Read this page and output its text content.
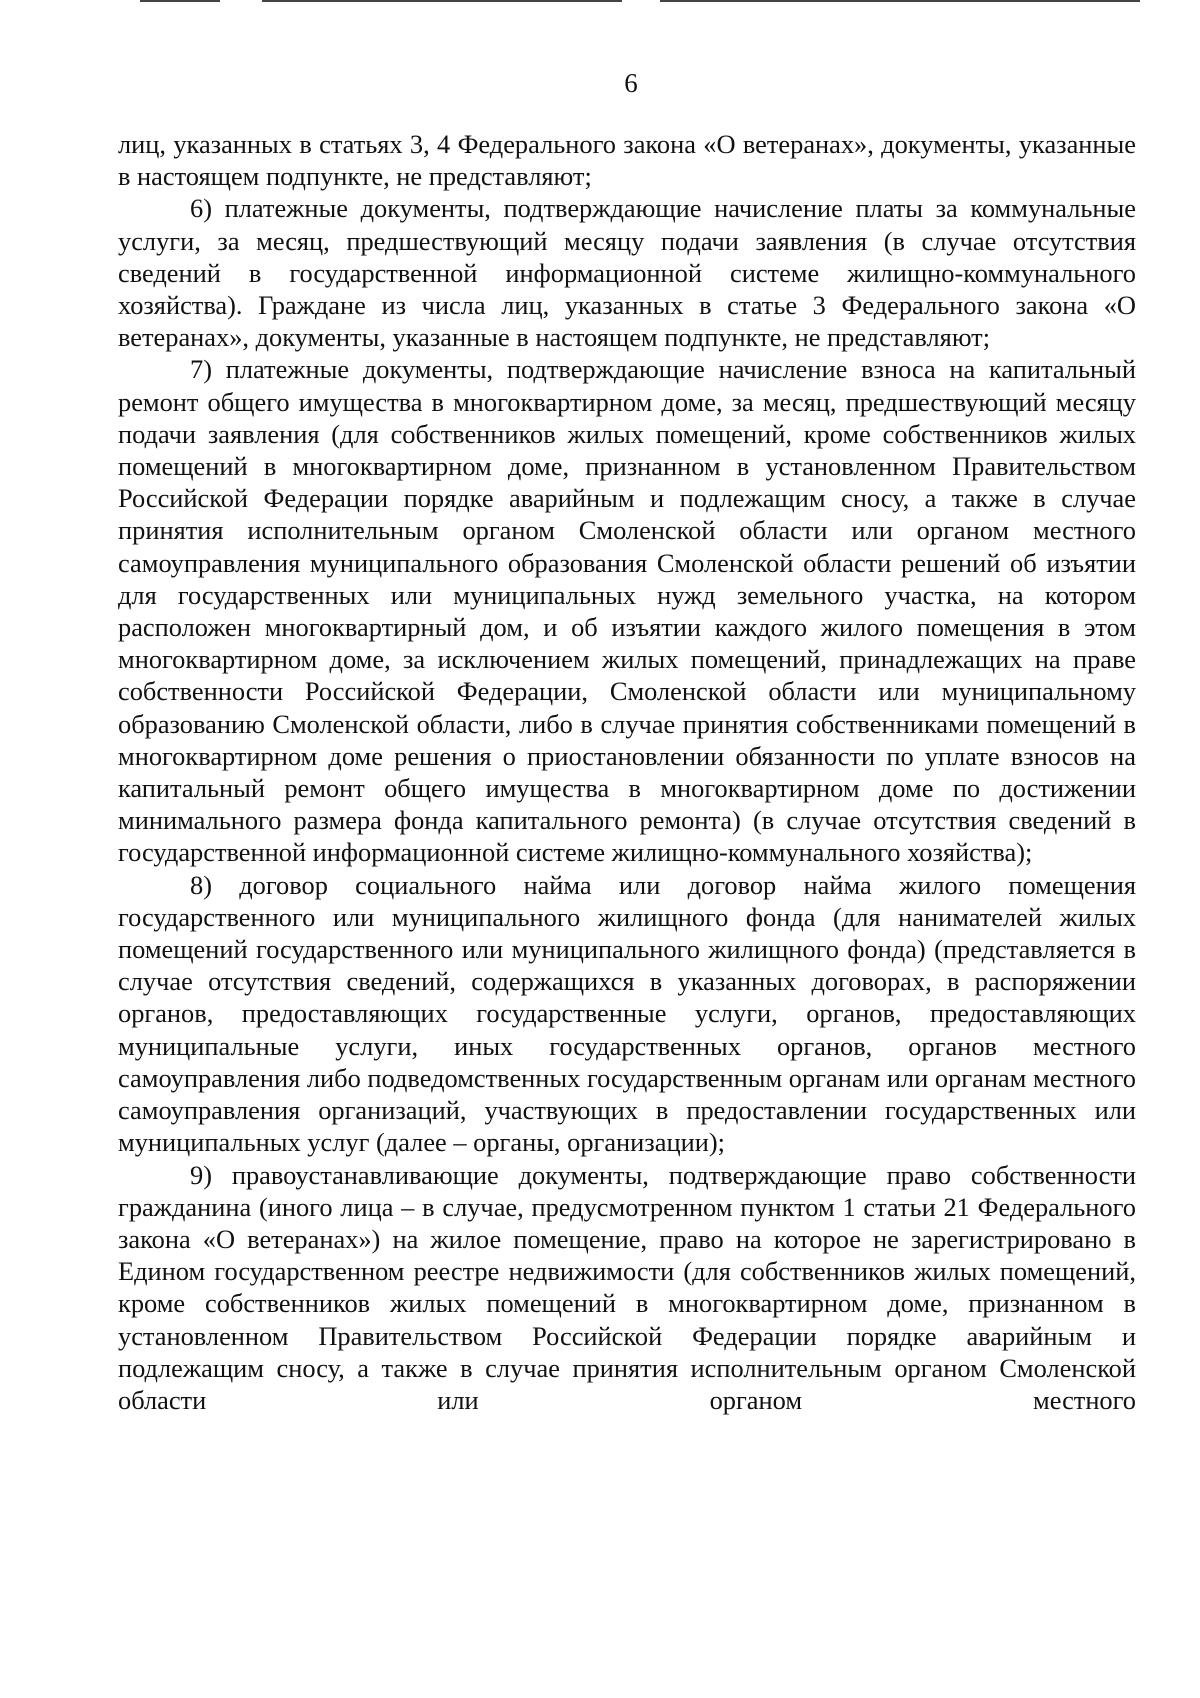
6

лиц, указанных в статьях 3, 4 Федерального закона «О ветеранах», документы, указанные в настоящем подпункте, не представляют;

6) платежные документы, подтверждающие начисление платы за коммунальные услуги, за месяц, предшествующий месяцу подачи заявления (в случае отсутствия сведений в государственной информационной системе жилищно-коммунального хозяйства). Граждане из числа лиц, указанных в статье 3 Федерального закона «О ветеранах», документы, указанные в настоящем подпункте, не представляют;

7) платежные документы, подтверждающие начисление взноса на капитальный ремонт общего имущества в многоквартирном доме, за месяц, предшествующий месяцу подачи заявления (для собственников жилых помещений, кроме собственников жилых помещений в многоквартирном доме, признанном в установленном Правительством Российской Федерации порядке аварийным и подлежащим сносу, а также в случае принятия исполнительным органом Смоленской области или органом местного самоуправления муниципального образования Смоленской области решений об изъятии для государственных или муниципальных нужд земельного участка, на котором расположен многоквартирный дом, и об изъятии каждого жилого помещения в этом многоквартирном доме, за исключением жилых помещений, принадлежащих на праве собственности Российской Федерации, Смоленской области или муниципальному образованию Смоленской области, либо в случае принятия собственниками помещений в многоквартирном доме решения о приостановлении обязанности по уплате взносов на капитальный ремонт общего имущества в многоквартирном доме по достижении минимального размера фонда капитального ремонта) (в случае отсутствия сведений в государственной информационной системе жилищно-коммунального хозяйства);

8) договор социального найма или договор найма жилого помещения государственного или муниципального жилищного фонда (для нанимателей жилых помещений государственного или муниципального жилищного фонда) (представляется в случае отсутствия сведений, содержащихся в указанных договорах, в распоряжении органов, предоставляющих государственные услуги, органов, предоставляющих муниципальные услуги, иных государственных органов, органов местного самоуправления либо подведомственных государственным органам или органам местного самоуправления организаций, участвующих в предоставлении государственных или муниципальных услуг (далее – органы, организации);

9) правоустанавливающие документы, подтверждающие право собственности гражданина (иного лица – в случае, предусмотренном пунктом 1 статьи 21 Федерального закона «О ветеранах») на жилое помещение, право на которое не зарегистрировано в Едином государственном реестре недвижимости (для собственников жилых помещений, кроме собственников жилых помещений в многоквартирном доме, признанном в установленном Правительством Российской Федерации порядке аварийным и подлежащим сносу, а также в случае принятия исполнительным органом Смоленской области или органом местного
